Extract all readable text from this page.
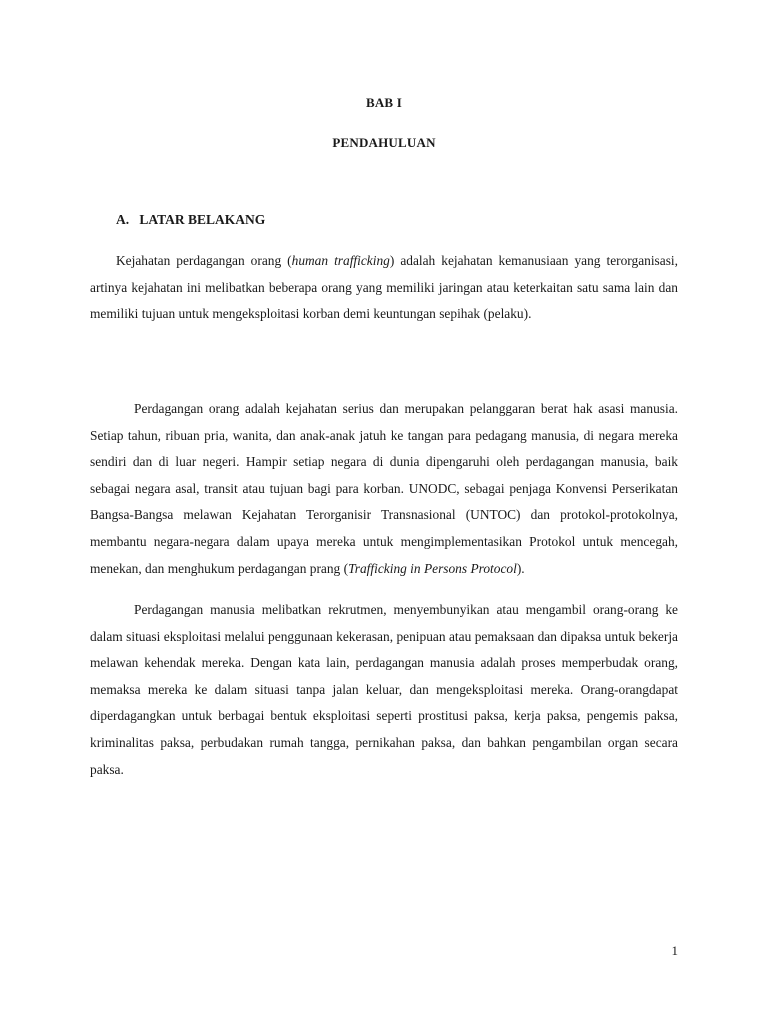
BAB I
PENDAHULUAN
A. LATAR BELAKANG

Kejahatan perdagangan orang (human trafficking) adalah kejahatan kemanusiaan yang terorganisasi, artinya kejahatan ini melibatkan beberapa orang yang memiliki jaringan atau keterkaitan satu sama lain dan memiliki tujuan untuk mengeksploitasi korban demi keuntungan sepihak (pelaku).

Perdagangan orang adalah kejahatan serius dan merupakan pelanggaran berat hak asasi manusia. Setiap tahun, ribuan pria, wanita, dan anak-anak jatuh ke tangan para pedagang manusia, di negara mereka sendiri dan di luar negeri. Hampir setiap negara di dunia dipengaruhi oleh perdagangan manusia, baik sebagai negara asal, transit atau tujuan bagi para korban. UNODC, sebagai penjaga Konvensi Perserikatan Bangsa-Bangsa melawan Kejahatan Terorganisir Transnasional (UNTOC) dan protokol-protokolnya, membantu negara-negara dalam upaya mereka untuk mengimplementasikan Protokol untuk mencegah, menekan, dan menghukum perdagangan prang (Trafficking in Persons Protocol).

Perdagangan manusia melibatkan rekrutmen, menyembunyikan atau mengambil orang-orang ke dalam situasi eksploitasi melalui penggunaan kekerasan, penipuan atau pemaksaan dan dipaksa untuk bekerja melawan kehendak mereka. Dengan kata lain, perdagangan manusia adalah proses memperbudak orang, memaksa mereka ke dalam situasi tanpa jalan keluar, dan mengeksploitasi mereka. Orang-orangdapat diperdagangkan untuk berbagai bentuk eksploitasi seperti prostitusi paksa, kerja paksa, pengemis paksa, kriminalitas paksa, perbudakan rumah tangga, pernikahan paksa, dan bahkan pengambilan organ secara paksa.

1
